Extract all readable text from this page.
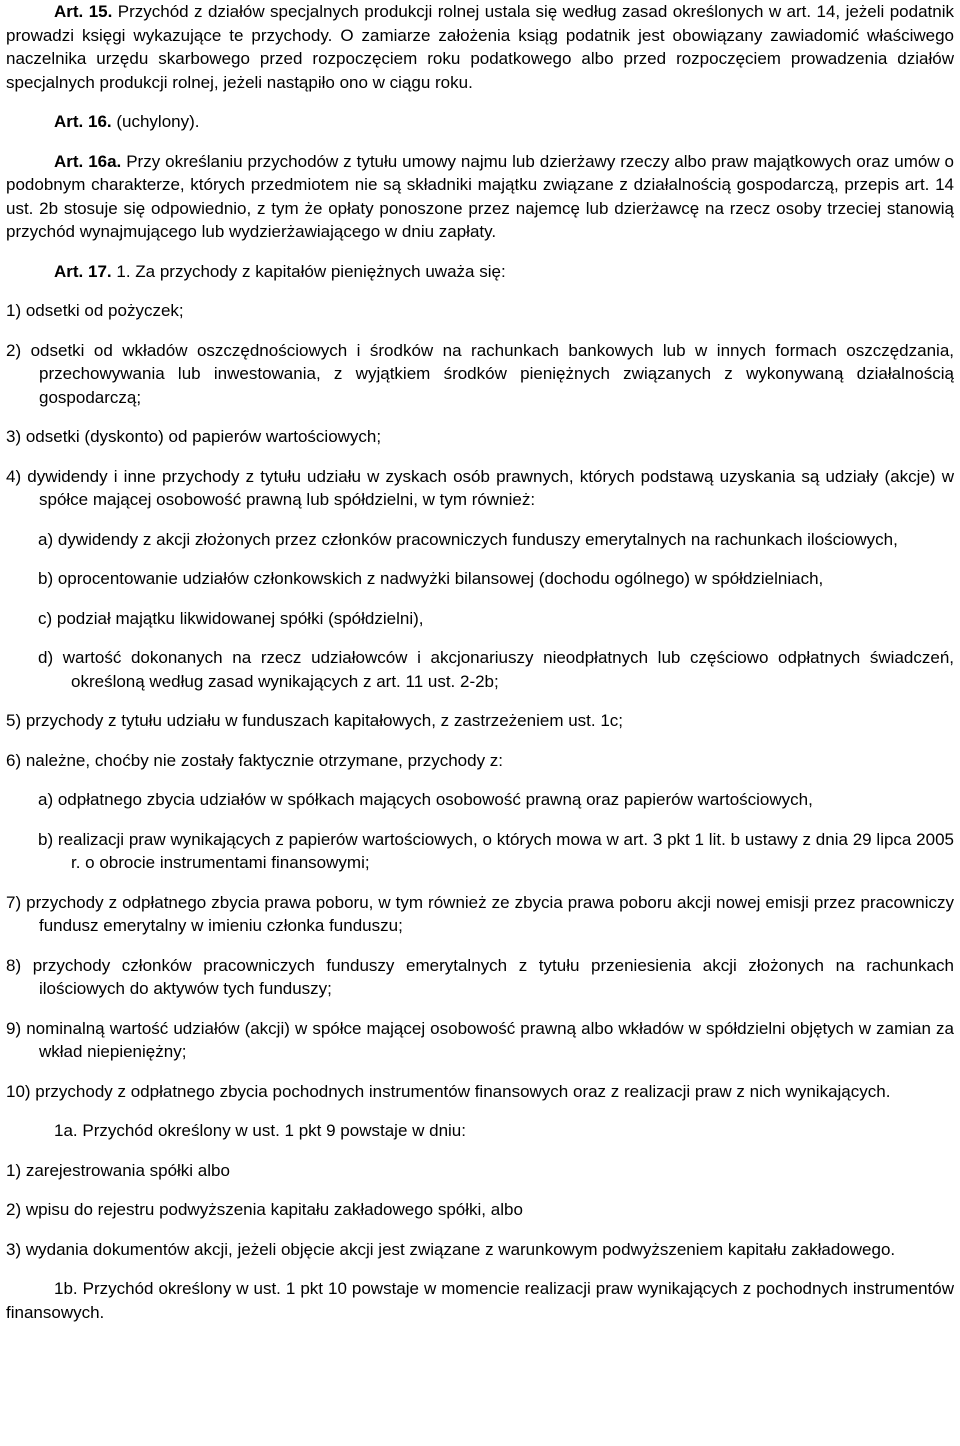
Art. 15. Przychód z działów specjalnych produkcji rolnej ustala się według zasad określonych w art. 14, jeżeli podatnik prowadzi księgi wykazujące te przychody. O zamiarze założenia ksiąg podatnik jest obowiązany zawiadomić właściwego naczelnika urzędu skarbowego przed rozpoczęciem roku podatkowego albo przed rozpoczęciem prowadzenia działów specjalnych produkcji rolnej, jeżeli nastąpiło ono w ciągu roku.

Art. 16. (uchylony).

Art. 16a. Przy określaniu przychodów z tytułu umowy najmu lub dzierżawy rzeczy albo praw majątkowych oraz umów o podobnym charakterze, których przedmiotem nie są składniki majątku związane z działalnością gospodarczą, przepis art. 14 ust. 2b stosuje się odpowiednio, z tym że opłaty ponoszone przez najemcę lub dzierżawcę na rzecz osoby trzeciej stanowią przychód wynajmującego lub wydzierżawiającego w dniu zapłaty.

Art. 17. 1. Za przychody z kapitałów pieniężnych uważa się:

1) odsetki od pożyczek;

2) odsetki od wkładów oszczędnościowych i środków na rachunkach bankowych lub w innych formach oszczędzania, przechowywania lub inwestowania, z wyjątkiem środków pieniężnych związanych z wykonywaną działalnością gospodarczą;

3) odsetki (dyskonto) od papierów wartościowych;

4) dywidendy i inne przychody z tytułu udziału w zyskach osób prawnych, których podstawą uzyskania są udziały (akcje) w spółce mającej osobowość prawną lub spółdzielni, w tym również:

a) dywidendy z akcji złożonych przez członków pracowniczych funduszy emerytalnych na rachunkach ilościowych,

b) oprocentowanie udziałów członkowskich z nadwyżki bilansowej (dochodu ogólnego) w spółdzielniach,

c) podział majątku likwidowanej spółki (spółdzielni),

d) wartość dokonanych na rzecz udziałowców i akcjonariuszy nieodpłatnych lub częściowo odpłatnych świadczeń, określoną według zasad wynikających z art. 11 ust. 2-2b;

5) przychody z tytułu udziału w funduszach kapitałowych, z zastrzeżeniem ust. 1c;

6) należne, choćby nie zostały faktycznie otrzymane, przychody z:

a) odpłatnego zbycia udziałów w spółkach mających osobowość prawną oraz papierów wartościowych,

b) realizacji praw wynikających z papierów wartościowych, o których mowa w art. 3 pkt 1 lit. b ustawy z dnia 29 lipca 2005 r. o obrocie instrumentami finansowymi;

7) przychody z odpłatnego zbycia prawa poboru, w tym również ze zbycia prawa poboru akcji nowej emisji przez pracowniczy fundusz emerytalny w imieniu członka funduszu;

8) przychody członków pracowniczych funduszy emerytalnych z tytułu przeniesienia akcji złożonych na rachunkach ilościowych do aktywów tych funduszy;

9) nominalną wartość udziałów (akcji) w spółce mającej osobowość prawną albo wkładów w spółdzielni objętych w zamian za wkład niepieniężny;

10) przychody z odpłatnego zbycia pochodnych instrumentów finansowych oraz z realizacji praw z nich wynikających.

1a. Przychód określony w ust. 1 pkt 9 powstaje w dniu:

1) zarejestrowania spółki albo

2) wpisu do rejestru podwyższenia kapitału zakładowego spółki, albo

3) wydania dokumentów akcji, jeżeli objęcie akcji jest związane z warunkowym podwyższeniem kapitału zakładowego.

1b. Przychód określony w ust. 1 pkt 10 powstaje w momencie realizacji praw wynikających z pochodnych instrumentów finansowych.
